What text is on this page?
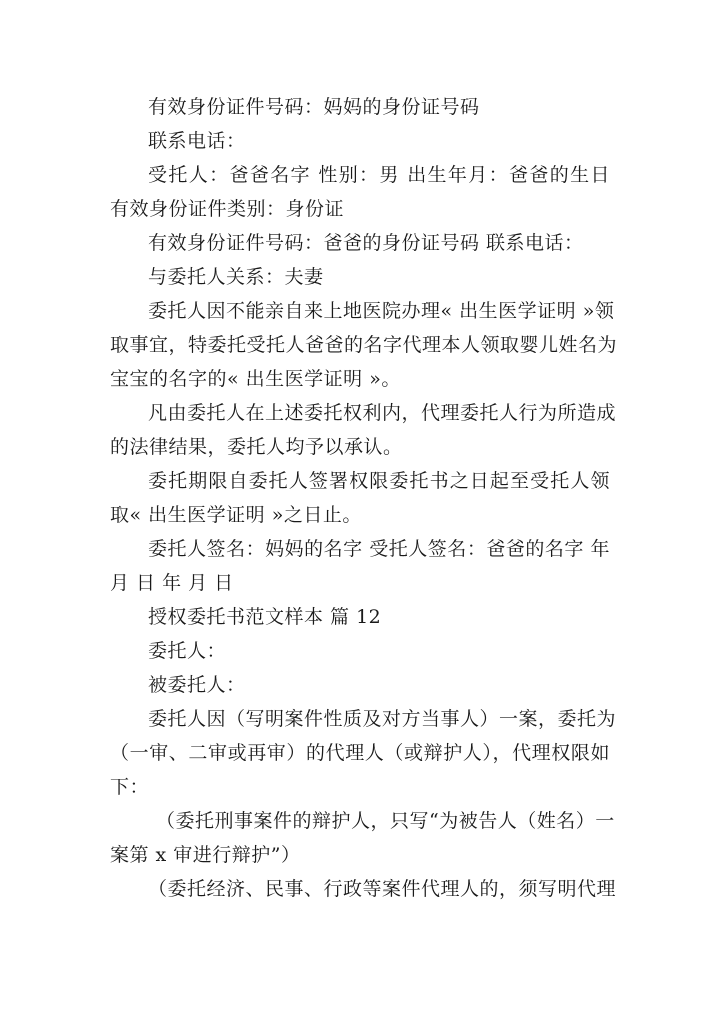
有效身份证件号码：妈妈的身份证号码
联系电话：
受托人：爸爸名字 性别：男 出生年月：爸爸的生日
有效身份证件类别：身份证
有效身份证件号码：爸爸的身份证号码 联系电话：
与委托人关系：夫妻
委托人因不能亲自来上地医院办理« 出生医学证明 »领
取事宜，特委托受托人爸爸的名字代理本人领取婴儿姓名为
宝宝的名字的« 出生医学证明 »。
凡由委托人在上述委托权利内，代理委托人行为所造成
的法律结果，委托人均予以承认。
委托期限自委托人签署权限委托书之日起至受托人领
取« 出生医学证明 »之日止。
委托人签名：妈妈的名字 受托人签名：爸爸的名字 年
月 日 年 月 日
授权委托书范文样本 篇 12
委托人：
被委托人：
委托人因（写明案件性质及对方当事人）一案，委托为
（一审、二审或再审）的代理人（或辩护人），代理权限如
下：
（委托刑事案件的辩护人，只写“为被告人（姓名）一
案第 x 审进行辩护”）
（委托经济、民事、行政等案件代理人的，须写明代理
